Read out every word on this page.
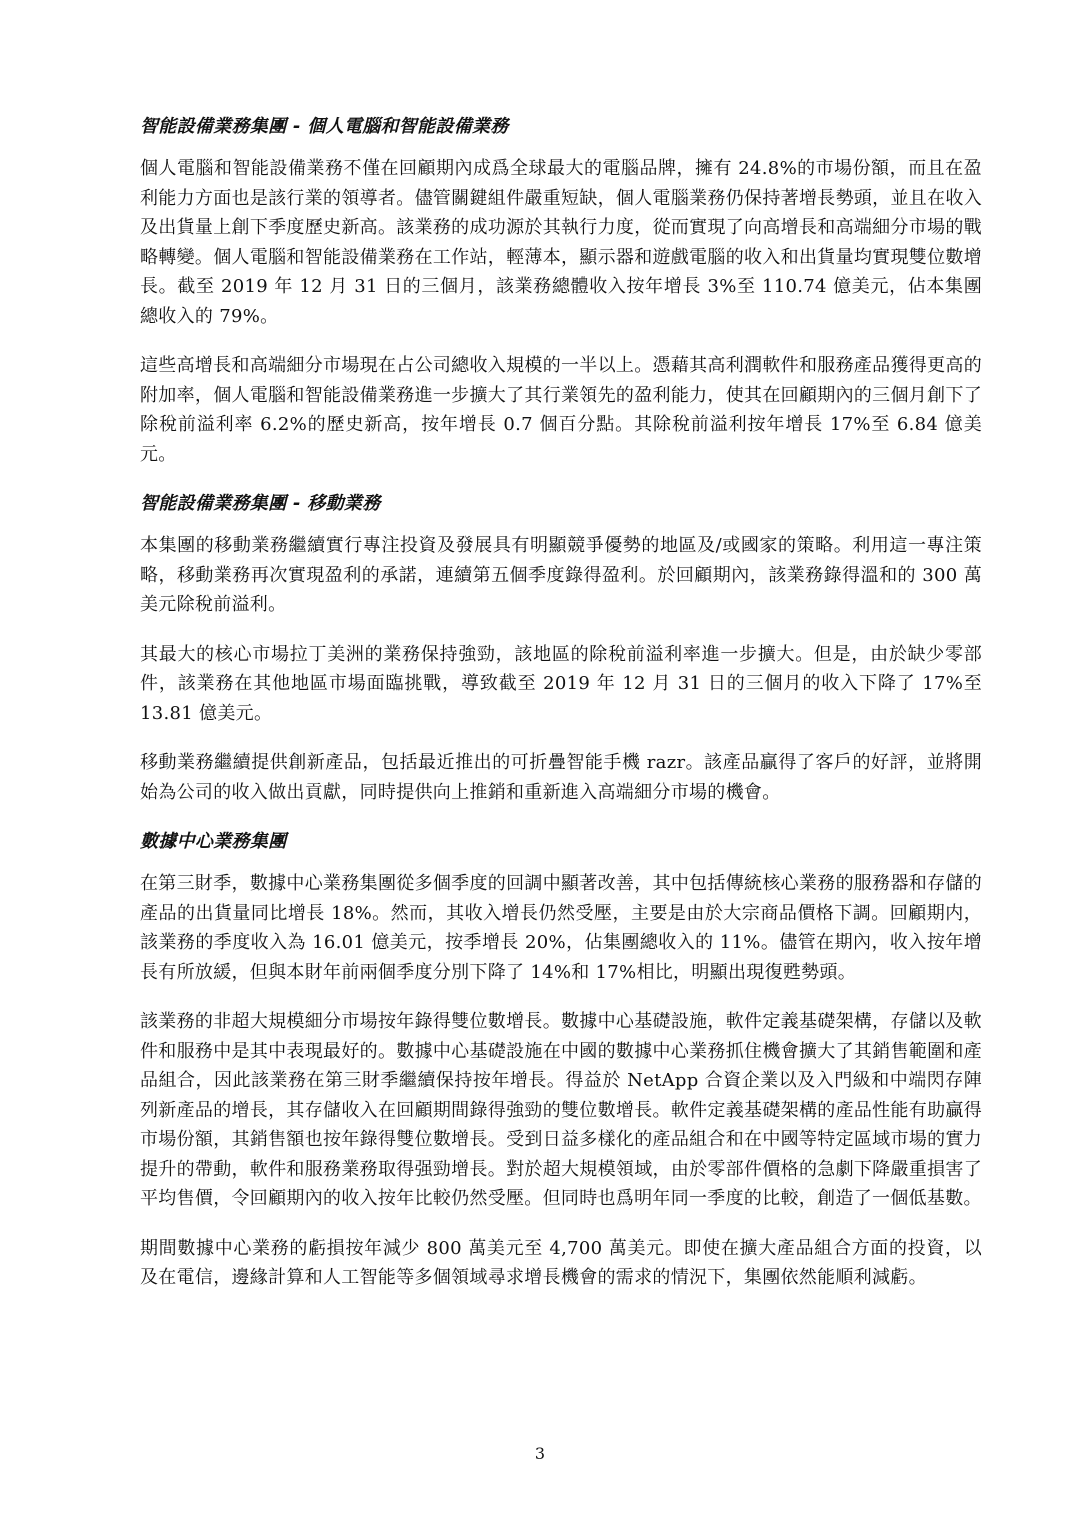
智能設備業務集團 - 個人電腦和智能設備業務

個人電腦和智能設備業務不僅在回顧期內成爲全球最大的電腦品牌，擁有 24.8%的市場份額，而且在盈利能力方面也是該行業的領導者。儘管關鍵組件嚴重短缺，個人電腦業務仍保持著增長勢頭，並且在收入及出貨量上創下季度歷史新高。該業務的成功源於其執行力度，從而實現了向高增長和高端細分市場的戰略轉變。個人電腦和智能設備業務在工作站，輕薄本，顯示器和遊戲電腦的收入和出貨量均實現雙位數增長。截至 2019 年 12 月 31 日的三個月，該業務總體收入按年增長 3%至 110.74 億美元，佔本集團總收入的 79%。

這些高增長和高端細分市場現在占公司總收入規模的一半以上。憑藉其高利潤軟件和服務產品獲得更高的附加率，個人電腦和智能設備業務進一步擴大了其行業領先的盈利能力，使其在回顧期內的三個月創下了除稅前溢利率 6.2%的歷史新高，按年增長 0.7 個百分點。其除稅前溢利按年增長 17%至 6.84 億美元。

智能設備業務集團 - 移動業務

本集團的移動業務繼續實行專注投資及發展具有明顯競爭優勢的地區及/或國家的策略。利用這一專注策略，移動業務再次實現盈利的承諾，連續第五個季度錄得盈利。於回顧期內，該業務錄得溫和的 300 萬美元除稅前溢利。

其最大的核心市場拉丁美洲的業務保持強勁，該地區的除稅前溢利率進一步擴大。但是，由於缺少零部件，該業務在其他地區市場面臨挑戰，導致截至 2019 年 12 月 31 日的三個月的收入下降了 17%至 13.81 億美元。

移動業務繼續提供創新產品，包括最近推出的可折疊智能手機 razr。該產品贏得了客戶的好評，並將開始為公司的收入做出貢獻，同時提供向上推銷和重新進入高端細分市場的機會。

數據中心業務集團

在第三財季，數據中心業務集團從多個季度的回調中顯著改善，其中包括傳統核心業務的服務器和存儲的產品的出貨量同比增長 18%。然而，其收入增長仍然受壓，主要是由於大宗商品價格下調。回顧期内，該業務的季度收入為 16.01 億美元，按季增長 20%，佔集團總收入的 11%。儘管在期內，收入按年增長有所放緩，但與本財年前兩個季度分別下降了 14%和 17%相比，明顯出現復甦勢頭。

該業務的非超大規模細分市場按年錄得雙位數增長。數據中心基礎設施，軟件定義基礎架構，存儲以及軟件和服務中是其中表現最好的。數據中心基礎設施在中國的數據中心業務抓住機會擴大了其銷售範圍和產品組合，因此該業務在第三財季繼續保持按年增長。得益於 NetApp 合資企業以及入門級和中端閃存陣列新產品的增長，其存儲收入在回顧期間錄得強勁的雙位數增長。軟件定義基礎架構的產品性能有助贏得市場份額，其銷售額也按年錄得雙位數增長。受到日益多樣化的產品組合和在中國等特定區域市場的實力提升的帶動，軟件和服務業務取得强勁增長。對於超大規模領域，由於零部件價格的急劇下降嚴重損害了平均售價，令回顧期內的收入按年比較仍然受壓。但同時也爲明年同一季度的比較，創造了一個低基數。

期間數據中心業務的虧損按年減少 800 萬美元至 4,700 萬美元。即使在擴大產品組合方面的投資，以及在電信，邊緣計算和人工智能等多個領域尋求增長機會的需求的情況下，集團依然能順利減虧。

3
